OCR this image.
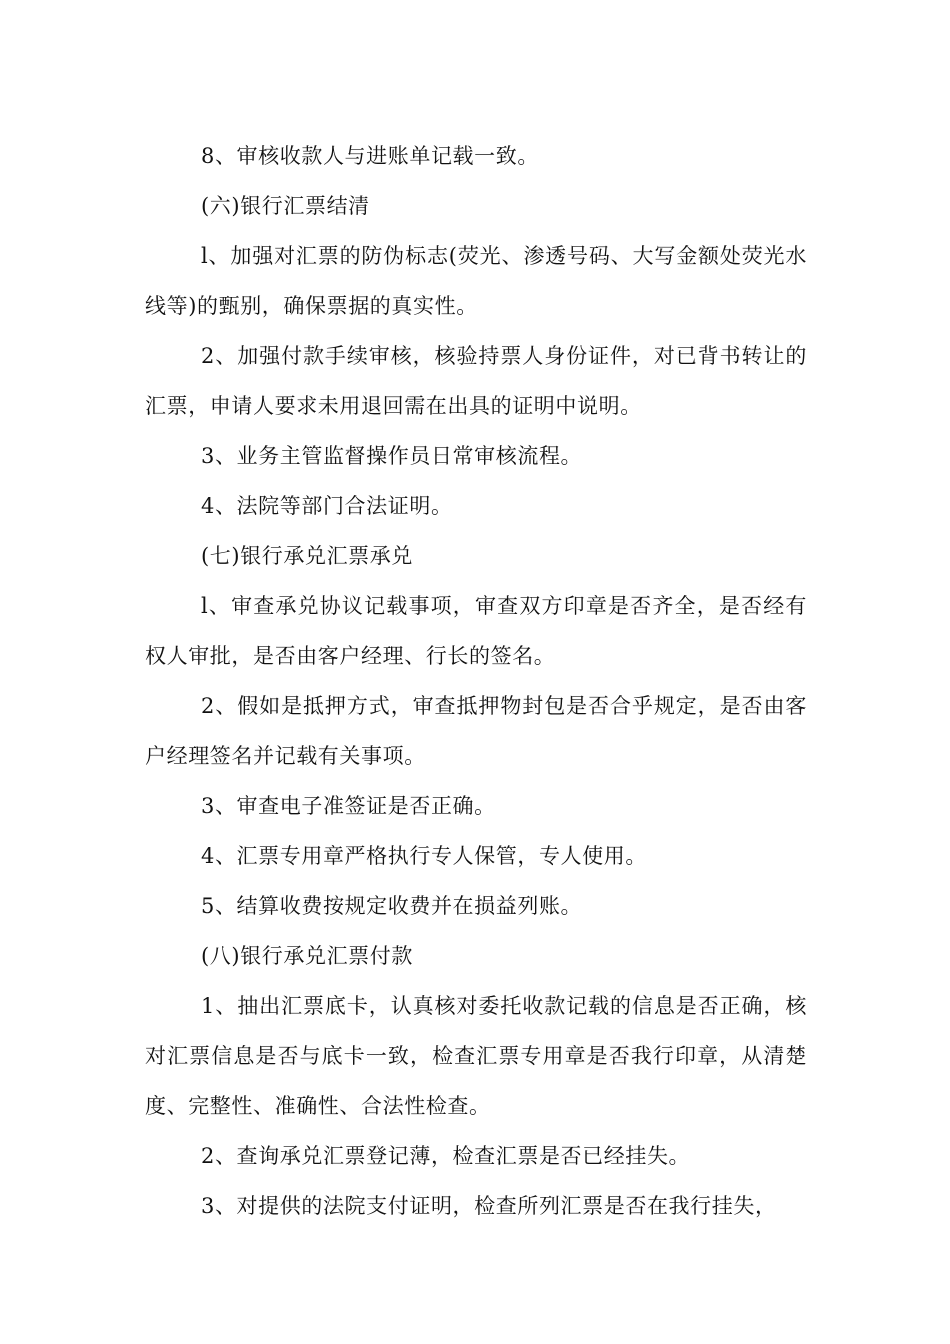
8、审核收款人与进账单记载一致。

(六)银行汇票结清

l、加强对汇票的防伪标志(荧光、渗透号码、大写金额处荧光水线等)的甄别，确保票据的真实性。

2、加强付款手续审核，核验持票人身份证件，对已背书转让的汇票，申请人要求未用退回需在出具的证明中说明。

3、业务主管监督操作员日常审核流程。

4、法院等部门合法证明。

(七)银行承兑汇票承兑

l、审查承兑协议记载事项，审查双方印章是否齐全，是否经有权人审批，是否由客户经理、行长的签名。

2、假如是抵押方式，审查抵押物封包是否合乎规定，是否由客户经理签名并记载有关事项。

3、审查电子准签证是否正确。

4、汇票专用章严格执行专人保管，专人使用。

5、结算收费按规定收费并在损益列账。

(八)银行承兑汇票付款

1、抽出汇票底卡，认真核对委托收款记载的信息是否正确，核对汇票信息是否与底卡一致，检查汇票专用章是否我行印章，从清楚度、完整性、准确性、合法性检查。

2、查询承兑汇票登记薄，检查汇票是否已经挂失。

3、对提供的法院支付证明，检查所列汇票是否在我行挂失，
